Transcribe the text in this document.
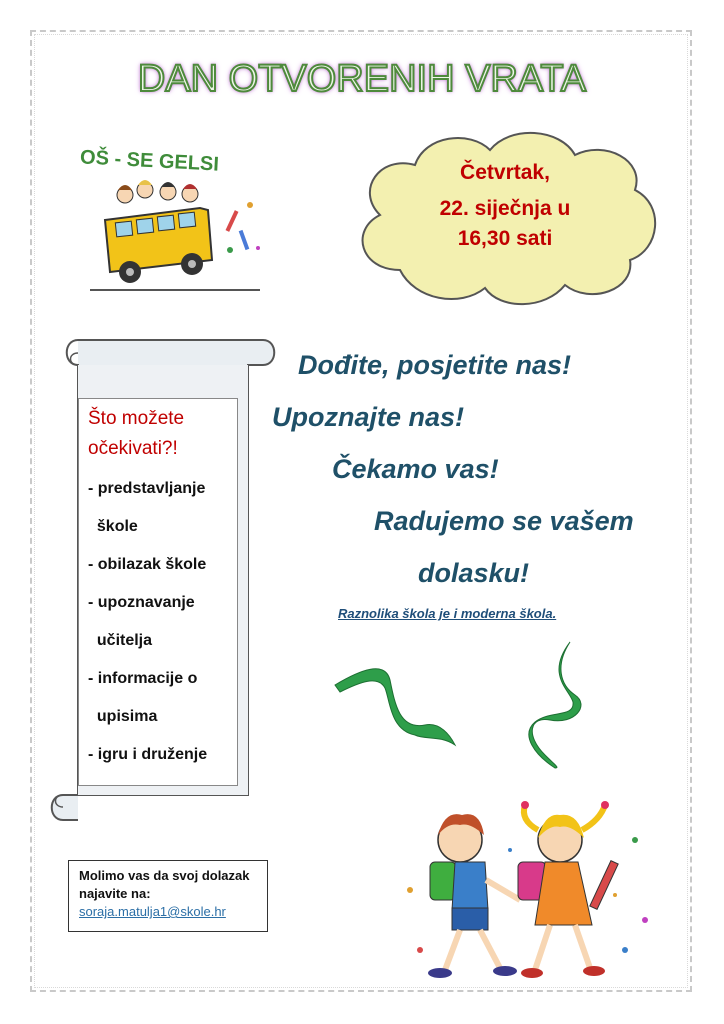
DAN OTVORENIH VRATA
OŠ - SE GELSI	Četvrtak,
22. siječnja u
16,30 sati
Što možete
očekivati?!
- predstavljanje
škole
- obilazak škole
- upoznavanje
učitelja
- informacije o
upisima
- igru i druženje
Dođite, posjetite nas!
Upoznajte nas!
Čekamo vas!
Radujemo se vašem
dolasku!
Raznolika škola je i moderna škola.
Molimo vas da svoj dolazak
najavite na:
soraja.matulja1@skole.hr
